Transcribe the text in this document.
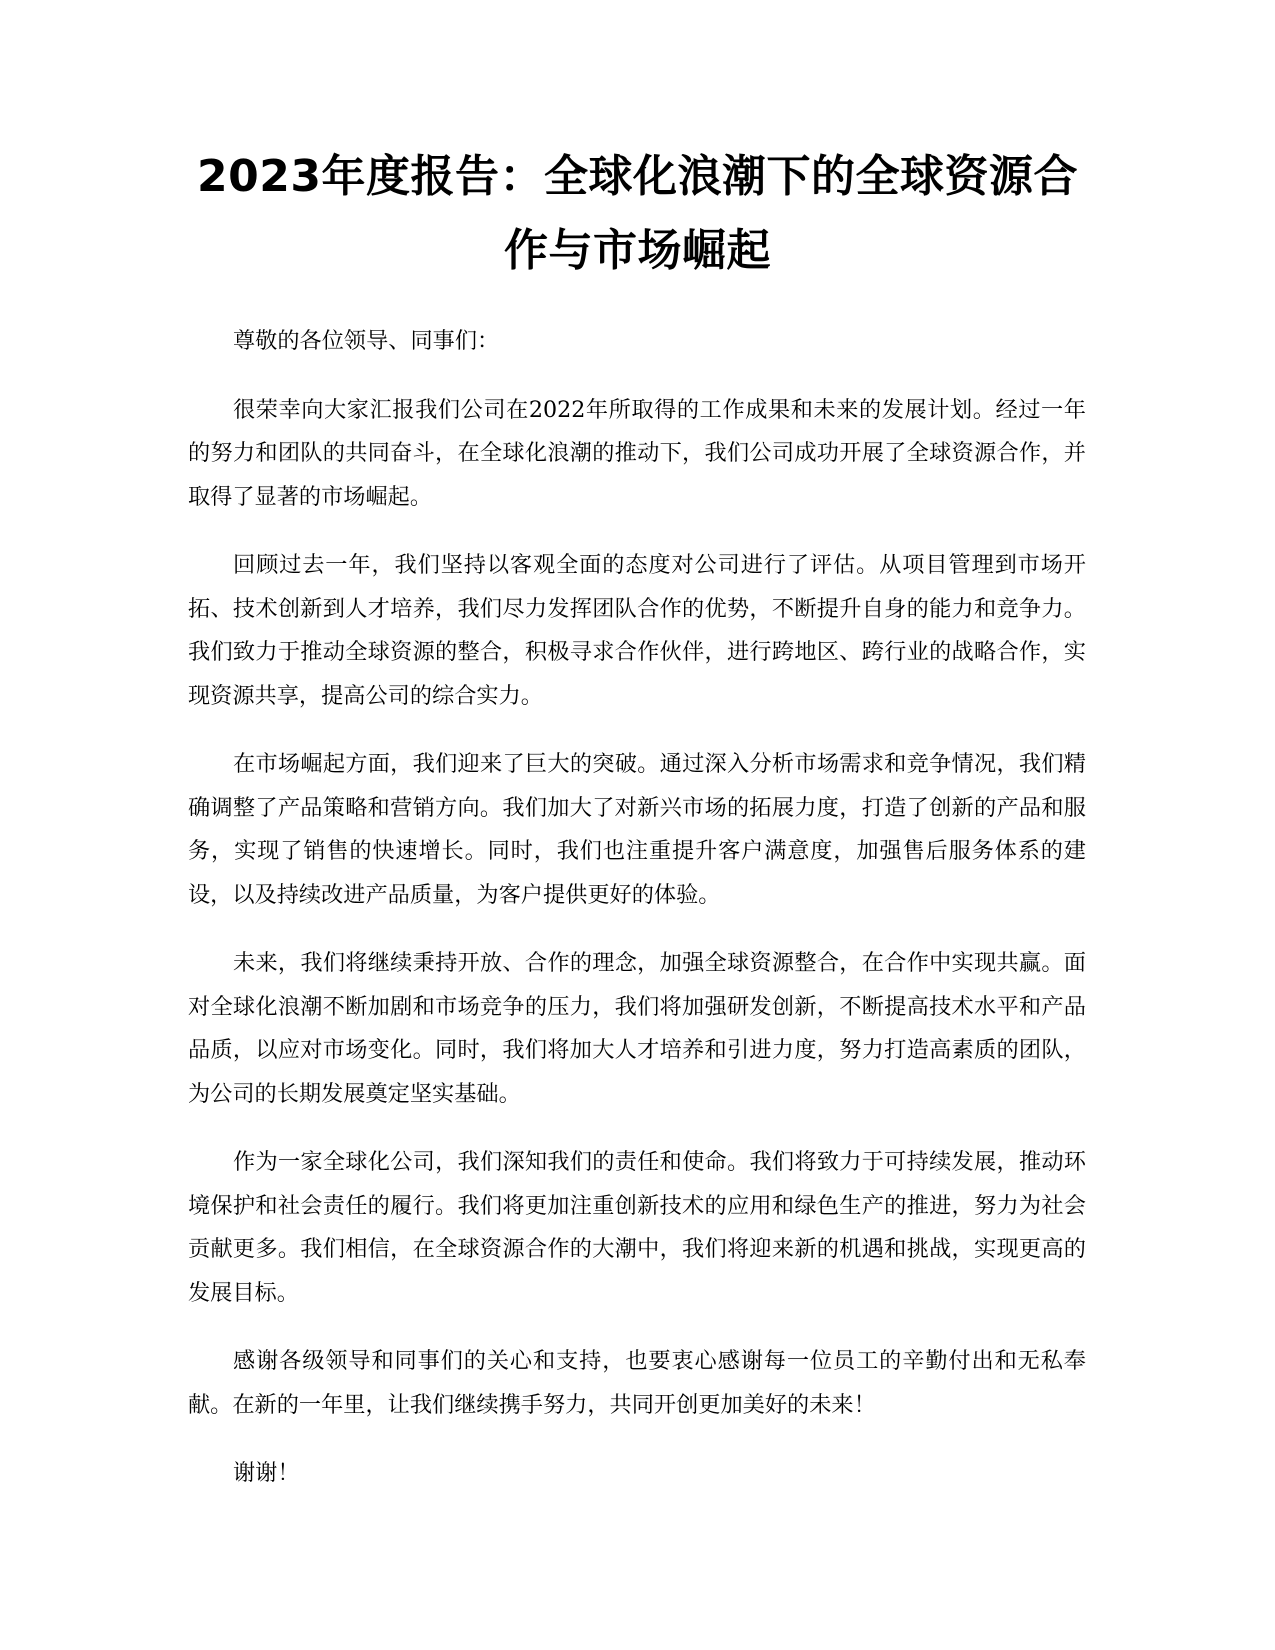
2023年度报告：全球化浪潮下的全球资源合作与市场崛起

尊敬的各位领导、同事们：

很荣幸向大家汇报我们公司在2022年所取得的工作成果和未来的发展计划。经过一年的努力和团队的共同奋斗，在全球化浪潮的推动下，我们公司成功开展了全球资源合作，并取得了显著的市场崛起。

回顾过去一年，我们坚持以客观全面的态度对公司进行了评估。从项目管理到市场开拓、技术创新到人才培养，我们尽力发挥团队合作的优势，不断提升自身的能力和竞争力。我们致力于推动全球资源的整合，积极寻求合作伙伴，进行跨地区、跨行业的战略合作，实现资源共享，提高公司的综合实力。

在市场崛起方面，我们迎来了巨大的突破。通过深入分析市场需求和竞争情况，我们精确调整了产品策略和营销方向。我们加大了对新兴市场的拓展力度，打造了创新的产品和服务，实现了销售的快速增长。同时，我们也注重提升客户满意度，加强售后服务体系的建设，以及持续改进产品质量，为客户提供更好的体验。

未来，我们将继续秉持开放、合作的理念，加强全球资源整合，在合作中实现共赢。面对全球化浪潮不断加剧和市场竞争的压力，我们将加强研发创新，不断提高技术水平和产品品质，以应对市场变化。同时，我们将加大人才培养和引进力度，努力打造高素质的团队，为公司的长期发展奠定坚实基础。

作为一家全球化公司，我们深知我们的责任和使命。我们将致力于可持续发展，推动环境保护和社会责任的履行。我们将更加注重创新技术的应用和绿色生产的推进，努力为社会贡献更多。我们相信，在全球资源合作的大潮中，我们将迎来新的机遇和挑战，实现更高的发展目标。

感谢各级领导和同事们的关心和支持，也要衷心感谢每一位员工的辛勤付出和无私奉献。在新的一年里，让我们继续携手努力，共同开创更加美好的未来！

谢谢！
